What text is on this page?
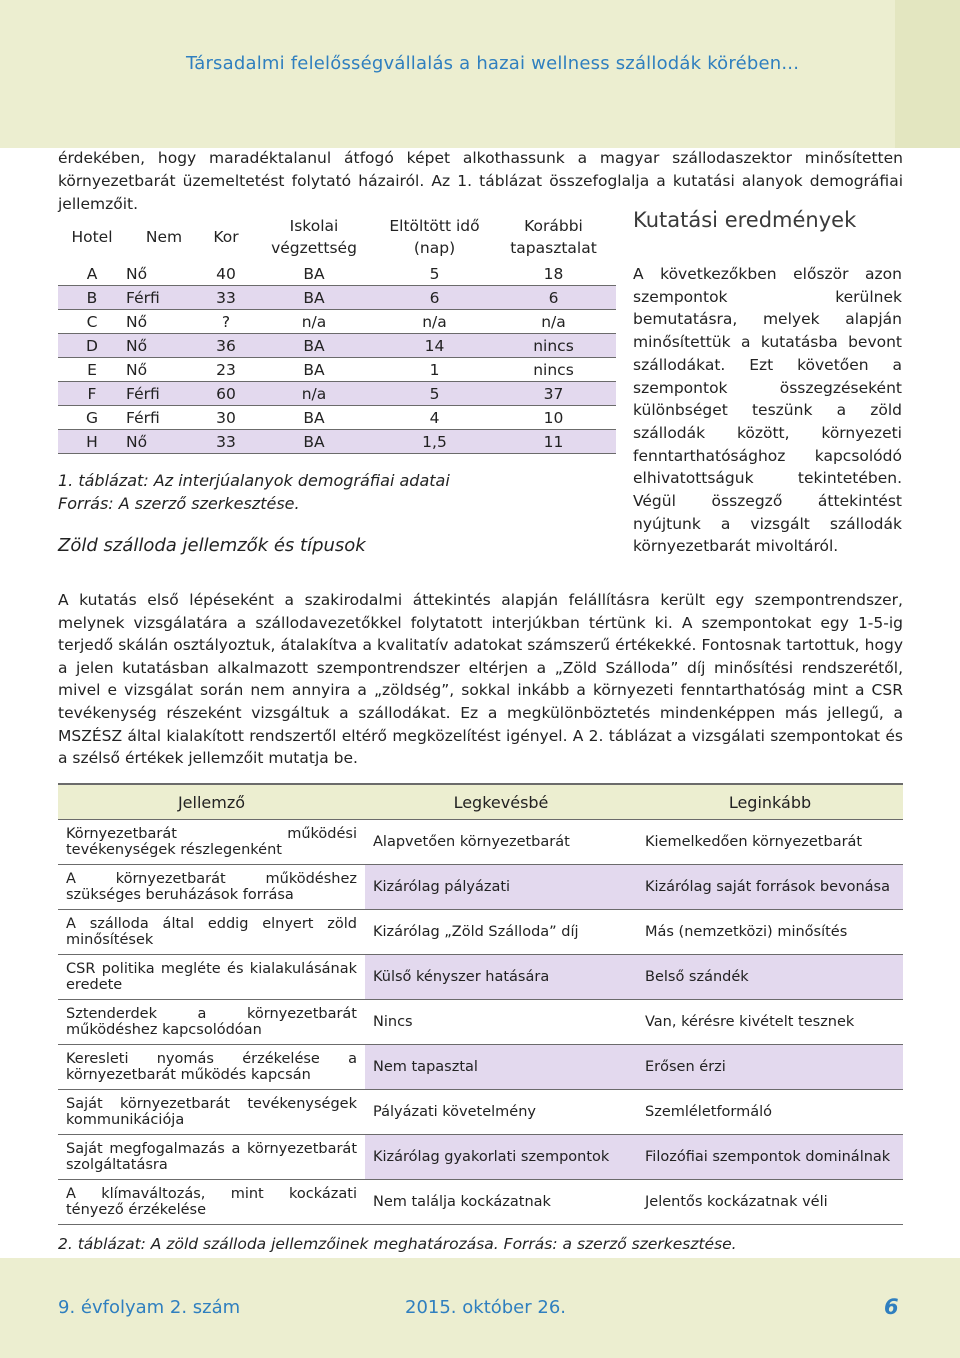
Társadalmi felelősségvállalás a hazai wellness szállodák körében...
érdekében, hogy maradéktalanul átfogó képet alkothassunk a magyar szállodaszektor minősítetten környezetbarát üzemeltetést folytató házairól. Az 1. táblázat összefoglalja a kutatási alanyok demográfiai jellemzőit.
Hotel	Nem	Kor	Iskolai végzettség	Eltöltött idő (nap)	Korábbi tapasztalat
A	Nő	40	BA	5	18
B	Férfi	33	BA	6	6
C	Nő	?	n/a	n/a	n/a
D	Nő	36	BA	14	nincs
E	Nő	23	BA	1	nincs
F	Férfi	60	n/a	5	37
G	Férfi	30	BA	4	10
H	Nő	33	BA	1,5	11
1. táblázat: Az interjúalanyok demográfiai adatai
Forrás: A szerző szerkesztése.
Zöld szálloda jellemzők és típusok
Kutatási eredmények
A következőkben először azon szempontok kerülnek bemutatásra, melyek alapján minősítettük a kutatásba bevont szállodákat. Ezt követően a szempontok összegzéseként különbséget teszünk a zöld szállodák között, környezeti fenntarthatósághoz kapcsolódó elhivatottságuk tekintetében. Végül összegző áttekintést nyújtunk a vizsgált szállodák környezetbarát mivoltáról.
A kutatás első lépéseként a szakirodalmi áttekintés alapján felállításra került egy szempontrendszer, melynek vizsgálatára a szállodavezetőkkel folytatott interjúkban tértünk ki. A szempontokat egy 1-5-ig terjedő skálán osztályoztuk, átalakítva a kvalitatív adatokat számszerű értékekké. Fontosnak tartottuk, hogy a jelen kutatásban alkalmazott szempontrendszer eltérjen a „Zöld Szálloda” díj minősítési rendszerétől, mivel e vizsgálat során nem annyira a „zöldség”, sokkal inkább a környezeti fenntarthatóság mint a CSR tevékenység részeként vizsgáltuk a szállodákat. Ez a megkülönböztetés mindenképpen más jellegű, a MSZÉSZ által kialakított rendszertől eltérő megközelítést igényel. A 2. táblázat a vizsgálati szempontokat és a szélső értékek jellemzőit mutatja be.
Jellemző	Legkevésbé	Leginkább
Környezetbarát működési tevékenységek részlegenként	Alapvetően környezetbarát	Kiemelkedően környezetbarát
A környezetbarát működéshez szükséges beruházások forrása	Kizárólag pályázati	Kizárólag saját források bevonása
A szálloda által eddig elnyert zöld minősítések	Kizárólag „Zöld Szálloda” díj	Más (nemzetközi) minősítés
CSR politika megléte és kialakulásának eredete	Külső kényszer hatására	Belső szándék
Sztenderdek a környezetbarát működéshez kapcsolódóan	Nincs	Van, kérésre kivételt tesznek
Keresleti nyomás érzékelése a környezetbarát működés kapcsán	Nem tapasztal	Erősen érzi
Saját környezetbarát tevékenységek kommunikációja	Pályázati követelmény	Szemléletformáló
Saját megfogalmazás a környezetbarát szolgáltatásra	Kizárólag gyakorlati szempontok	Filozófiai szempontok dominálnak
A klímaváltozás, mint kockázati tényező érzékelése	Nem találja kockázatnak	Jelentős kockázatnak véli
2. táblázat: A zöld szálloda jellemzőinek meghatározása. Forrás: a szerző szerkesztése.
9. évfolyam 2. szám	2015. október 26.	6
